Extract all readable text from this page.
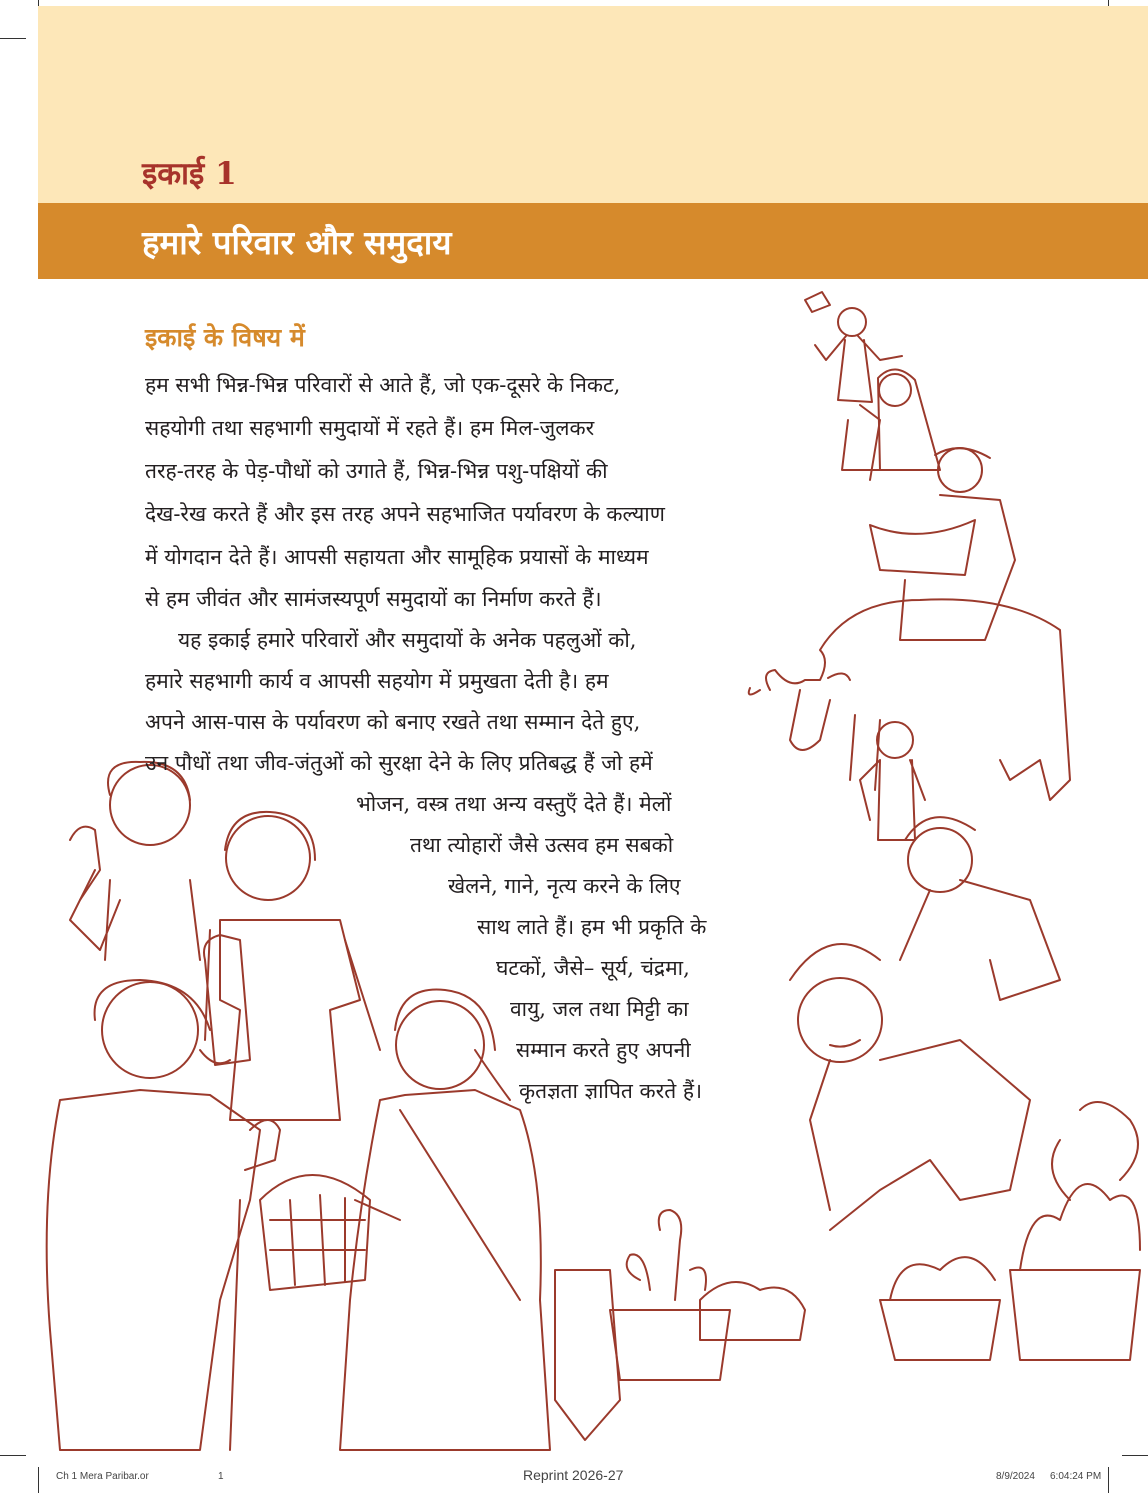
इकाई 1
हमारे परिवार और समुदाय
इकाई के विषय में
हम सभी भिन्न-भिन्न परिवारों से आते हैं, जो एक-दूसरे के निकट,
सहयोगी तथा सहभागी समुदायों में रहते हैं। हम मिल-जुलकर
तरह-तरह के पेड़-पौधों को उगाते हैं, भिन्न-भिन्न पशु-पक्षियों की
देख-रेख करते हैं और इस तरह अपने सहभाजित पर्यावरण के कल्याण
में योगदान देते हैं। आपसी सहायता और सामूहिक प्रयासों के माध्यम
से हम जीवंत और सामंजस्यपूर्ण समुदायों का निर्माण करते हैं।
यह इकाई हमारे परिवारों और समुदायों के अनेक पहलुओं को,
हमारे सहभागी कार्य व आपसी सहयोग में प्रमुखता देती है। हम
अपने आस-पास के पर्यावरण को बनाए रखते तथा सम्मान देते हुए,
उन पौधों तथा जीव-जंतुओं को सुरक्षा देने के लिए प्रतिबद्ध हैं जो हमें
भोजन, वस्त्र तथा अन्य वस्तुएँ देते हैं। मेलों
तथा त्योहारों जैसे उत्सव हम सबको
खेलने, गाने, नृत्य करने के लिए
साथ लाते हैं। हम भी प्रकृति के
घटकों, जैसे– सूर्य, चंद्रमा,
वायु, जल तथा मिट्टी का
सम्मान करते हुए अपनी
कृतज्ञता ज्ञापित करते हैं।
Ch 1 Mera Paribar.or	1	Reprint 2026-27	8/9/2024 6:04:24 PM
